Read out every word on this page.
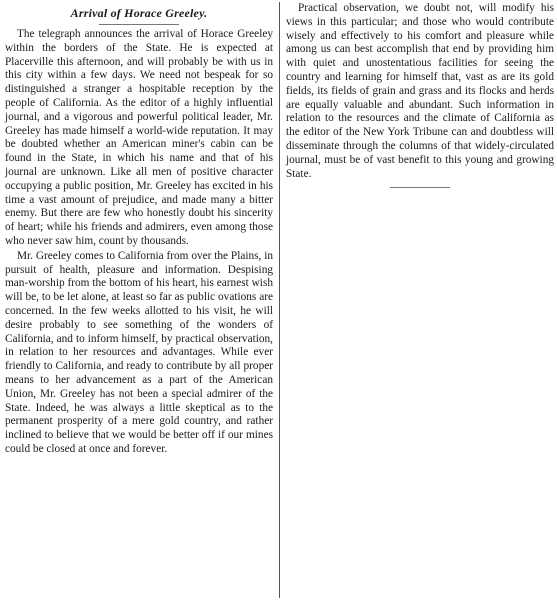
Arrival of Horace Greeley.

The telegraph announces the arrival of Horace Greeley within the borders of the State. He is expected at Placerville this afternoon, and will probably be with us in this city within a few days. We need not bespeak for so distinguished a stranger a hospitable reception by the people of California. As the editor of a highly influential journal, and a vigorous and powerful political leader, Mr. Greeley has made himself a world-wide reputation. It may be doubted whether an American miner's cabin can be found in the State, in which his name and that of his journal are unknown. Like all men of positive character occupying a public position, Mr. Greeley has excited in his time a vast amount of prejudice, and made many a bitter enemy. But there are few who honestly doubt his sincerity of heart; while his friends and admirers, even among those who never saw him, count by thousands.

Mr. Greeley comes to California from over the Plains, in pursuit of health, pleasure and information. Despising man-worship from the bottom of his heart, his earnest wish will be, to be let alone, at least so far as public ovations are concerned. In the few weeks allotted to his visit, he will desire probably to see something of the wonders of California, and to inform himself, by practical observation, in relation to her resources and advantages. While ever friendly to California, and ready to contribute by all proper means to her advancement as a part of the American Union, Mr. Greeley has not been a special admirer of the State. Indeed, he was always a little skeptical as to the permanent prosperity of a mere gold country, and rather inclined to believe that we would be better off if our mines could be closed at once and forever.

Practical observation, we doubt not, will modify his views in this particular; and those who would contribute wisely and effectively to his comfort and pleasure while among us can best accomplish that end by providing him with quiet and unostentatious facilities for seeing the country and learning for himself that, vast as are its gold fields, its fields of grain and grass and its flocks and herds are equally valuable and abundant. Such information in relation to the resources and the climate of California as the editor of the New York Tribune can and doubtless will disseminate through the columns of that widely-circulated journal, must be of vast benefit to this young and growing State.
